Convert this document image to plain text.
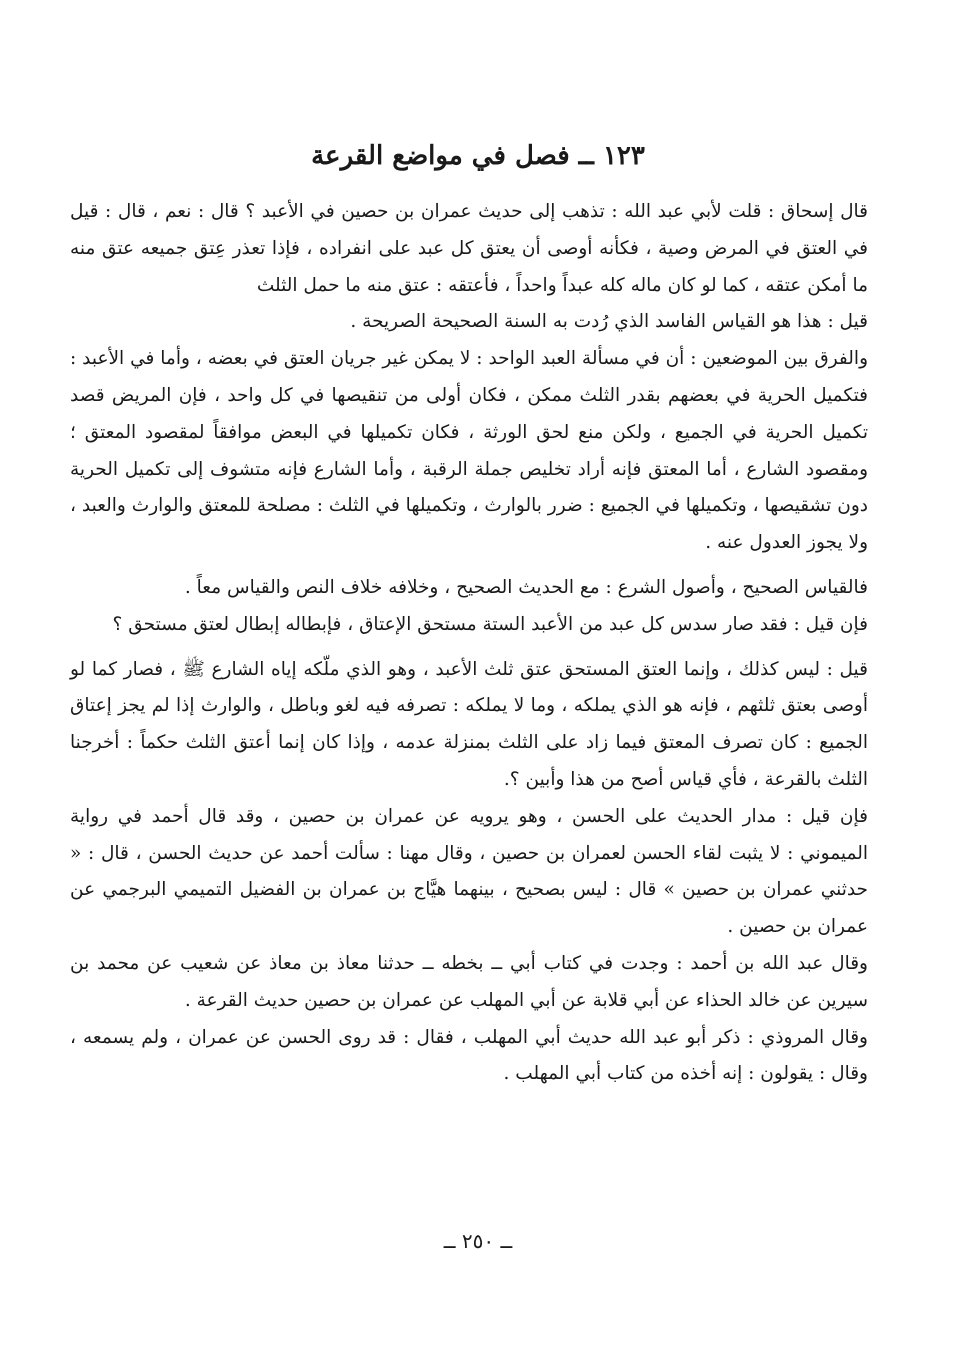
١٢٣ ــ فصل في مواضع القرعة

قال إسحاق : قلت لأبي عبد الله : تذهب إلى حديث عمران بن حصين في الأعبد ؟ قال : نعم ، قال : قيل في العتق في المرض وصية ، فكأنه أوصى أن يعتق كل عبد على انفراده ، فإذا تعذر عِتق جميعه عتق منه ما أمكن عتقه ، كما لو كان ماله كله عبداً واحداً ، فأعتقه : عتق منه ما حمل الثلث

قيل : هذا هو القياس الفاسد الذي رُدت به السنة الصحيحة الصريحة .

والفرق بين الموضعين : أن في مسألة العبد الواحد : لا يمكن غير جريان العتق في بعضه ، وأما في الأعبد : فتكميل الحرية في بعضهم بقدر الثلث ممكن ، فكان أولى من تنقيصها في كل واحد ، فإن المريض قصد تكميل الحرية في الجميع ، ولكن منع لحق الورثة ، فكان تكميلها في البعض موافقاً لمقصود المعتق ؛ ومقصود الشارع ، أما المعتق فإنه أراد تخليص جملة الرقبة ، وأما الشارع فإنه متشوف إلى تكميل الحرية دون تشقيصها ، وتكميلها في الجميع : ضرر بالوارث ، وتكميلها في الثلث : مصلحة للمعتق والوارث والعبد ، ولا يجوز العدول عنه .

فالقياس الصحيح ، وأصول الشرع : مع الحديث الصحيح ، وخلافه خلاف النص والقياس معاً .

فإن قيل : فقد صار سدس كل عبد من الأعبد الستة مستحق الإعتاق ، فإبطاله إبطال لعتق مستحق ؟

قيل : ليس كذلك ، وإنما العتق المستحق عتق ثلث الأعبد ، وهو الذي ملّكه إياه الشارع ﷺ ، فصار كما لو أوصى بعتق ثلثهم ، فإنه هو الذي يملكه ، وما لا يملكه : تصرفه فيه لغو وباطل ، والوارث إذا لم يجز إعتاق الجميع : كان تصرف المعتق فيما زاد على الثلث بمنزلة عدمه ، وإذا كان إنما أعتق الثلث حكماً : أخرجنا الثلث بالقرعة ، فأي قياس أصح من هذا وأبين ؟.

فإن قيل : مدار الحديث على الحسن ، وهو يرويه عن عمران بن حصين ، وقد قال أحمد في رواية الميموني : لا يثبت لقاء الحسن لعمران بن حصين ، وقال مهنا : سألت أحمد عن حديث الحسن ، قال : « حدثني عمران بن حصين » قال : ليس بصحيح ، بينهما هيَّاج بن عمران بن الفضيل التميمي البرجمي عن عمران بن حصين .

وقال عبد الله بن أحمد : وجدت في كتاب أبي ــ بخطه ــ حدثنا معاذ بن معاذ عن شعيب عن محمد بن سيرين عن خالد الحذاء عن أبي قلابة عن أبي المهلب عن عمران بن حصين حديث القرعة .

وقال المروذي : ذكر أبو عبد الله حديث أبي المهلب ، فقال : قد روى الحسن عن عمران ، ولم يسمعه ، وقال : يقولون : إنه أخذه من كتاب أبي المهلب .

ــ ٢٥٠ ــ
